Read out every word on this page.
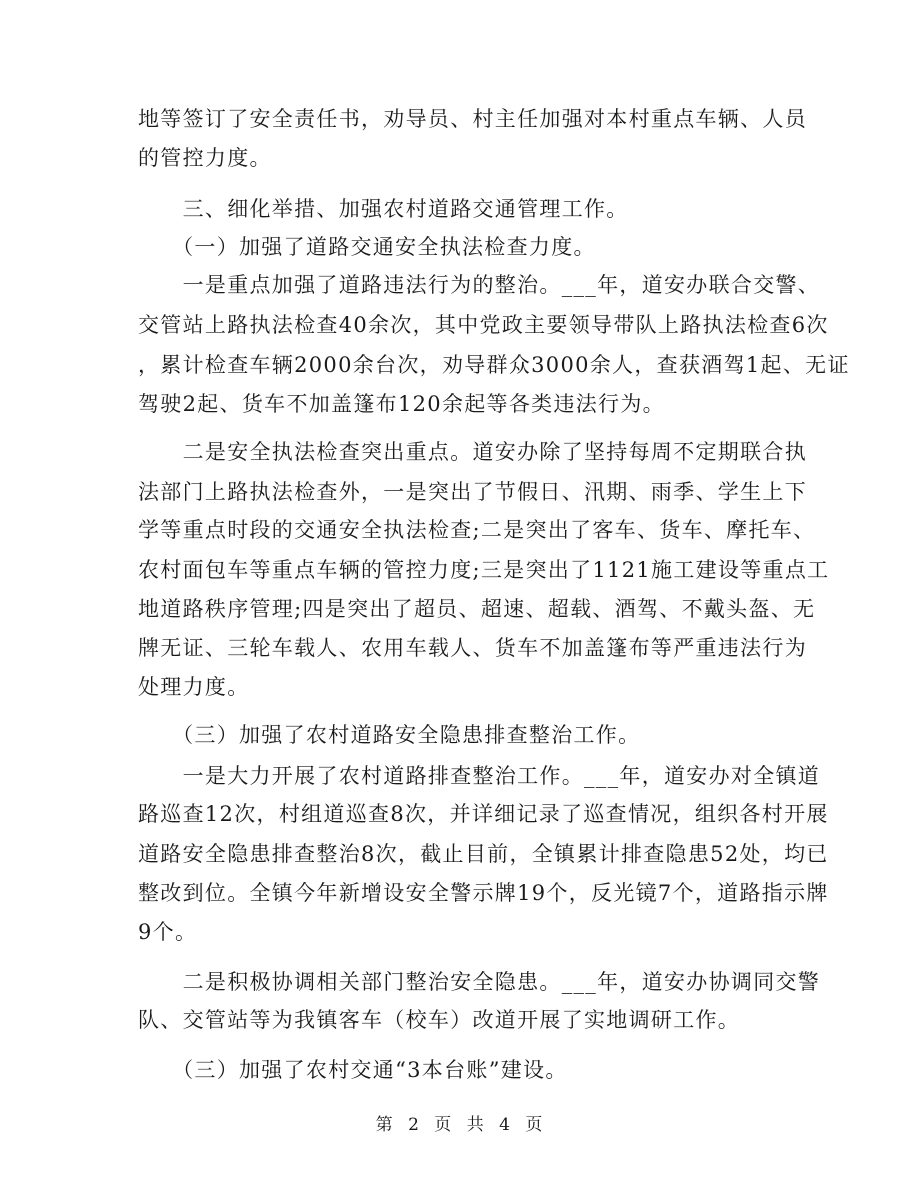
地等签订了安全责任书，劝导员、村主任加强对本村重点车辆、人员
的管控力度。
　　三、细化举措、加强农村道路交通管理工作。
　　（一）加强了道路交通安全执法检查力度。
　　一是重点加强了道路违法行为的整治。___年，道安办联合交警、
交管站上路执法检查40余次，其中党政主要领导带队上路执法检查6次
，累计检查车辆2000余台次，劝导群众3000余人，查获酒驾1起、无证
驾驶2起、货车不加盖篷布120余起等各类违法行为。
　　二是安全执法检查突出重点。道安办除了坚持每周不定期联合执
法部门上路执法检查外，一是突出了节假日、汛期、雨季、学生上下
学等重点时段的交通安全执法检查;二是突出了客车、货车、摩托车、
农村面包车等重点车辆的管控力度;三是突出了1121施工建设等重点工
地道路秩序管理;四是突出了超员、超速、超载、酒驾、不戴头盔、无
牌无证、三轮车载人、农用车载人、货车不加盖篷布等严重违法行为
处理力度。
　　（三）加强了农村道路安全隐患排查整治工作。
　　一是大力开展了农村道路排查整治工作。___年，道安办对全镇道
路巡查12次，村组道巡查8次，并详细记录了巡查情况，组织各村开展
道路安全隐患排查整治8次，截止目前，全镇累计排查隐患52处，均已
整改到位。全镇今年新增设安全警示牌19个，反光镜7个，道路指示牌
9个。
　　二是积极协调相关部门整治安全隐患。___年，道安办协调同交警
队、交管站等为我镇客车（校车）改道开展了实地调研工作。
　　（三）加强了农村交通“3本台账”建设。
第 2 页 共 4 页
